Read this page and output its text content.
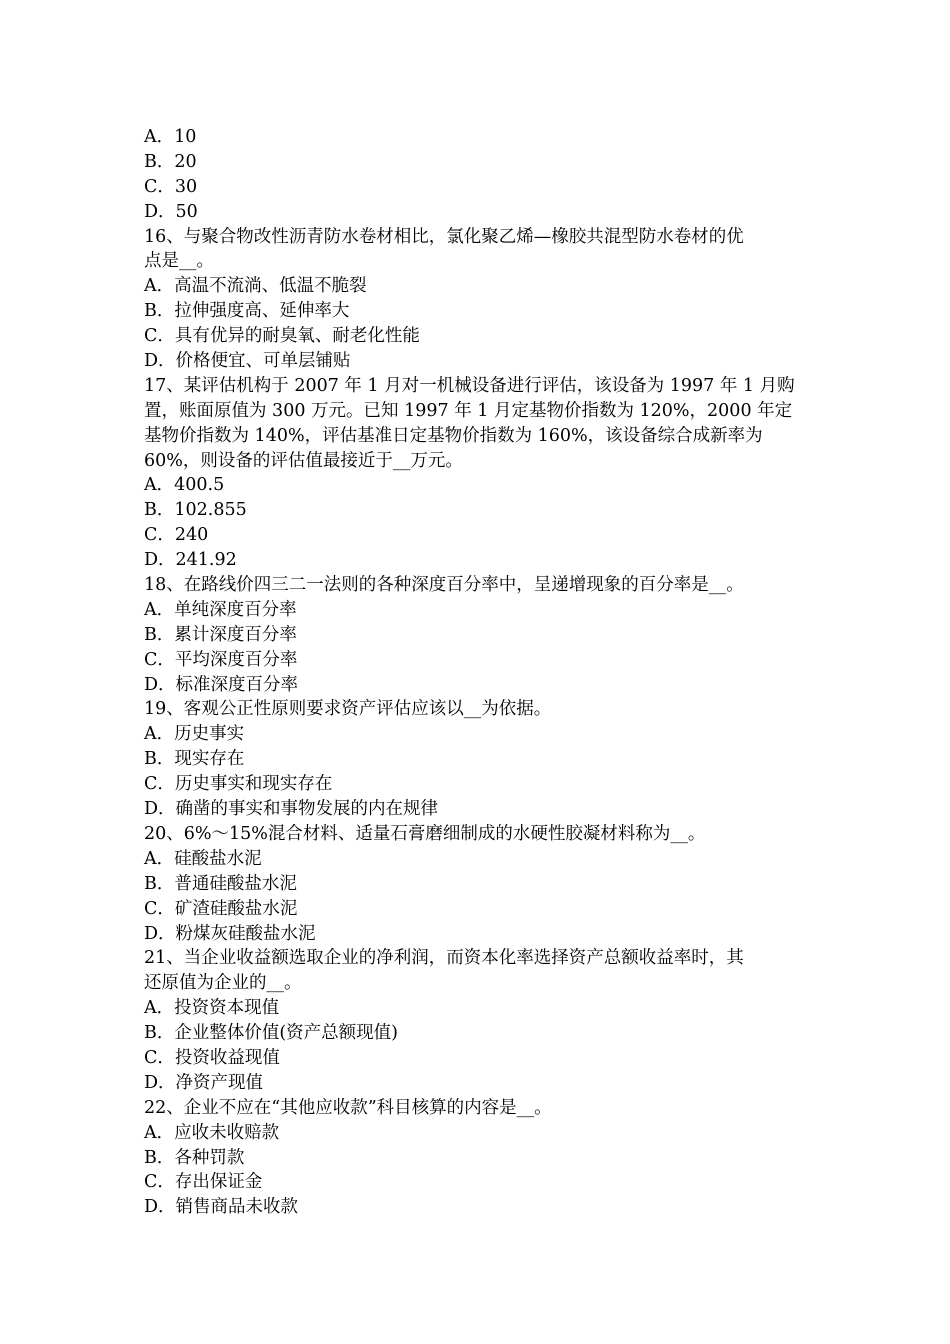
A．10
B．20
C．30
D．50
16、与聚合物改性沥青防水卷材相比，氯化聚乙烯—橡胶共混型防水卷材的优
点是__。
A．高温不流淌、低温不脆裂
B．拉伸强度高、延伸率大
C．具有优异的耐臭氧、耐老化性能
D．价格便宜、可单层铺贴
17、某评估机构于 2007 年 1 月对一机械设备进行评估，该设备为 1997 年 1 月购
置，账面原值为 300 万元。已知 1997 年 1 月定基物价指数为 120%，2000 年定
基物价指数为 140%，评估基准日定基物价指数为 160%，该设备综合成新率为
60%，则设备的评估值最接近于__万元。
A．400.5
B．102.855
C．240
D．241.92
18、在路线价四三二一法则的各种深度百分率中，呈递增现象的百分率是__。
A．单纯深度百分率
B．累计深度百分率
C．平均深度百分率
D．标准深度百分率
19、客观公正性原则要求资产评估应该以__为依据。
A．历史事实
B．现实存在
C．历史事实和现实存在
D．确凿的事实和事物发展的内在规律
20、6%～15%混合材料、适量石膏磨细制成的水硬性胶凝材料称为__。
A．硅酸盐水泥
B．普通硅酸盐水泥
C．矿渣硅酸盐水泥
D．粉煤灰硅酸盐水泥
21、当企业收益额选取企业的净利润，而资本化率选择资产总额收益率时，其
还原值为企业的__。
A．投资资本现值
B．企业整体价值(资产总额现值)
C．投资收益现值
D．净资产现值
22、企业不应在“其他应收款”科目核算的内容是__。
A．应收未收赔款
B．各种罚款
C．存出保证金
D．销售商品未收款
